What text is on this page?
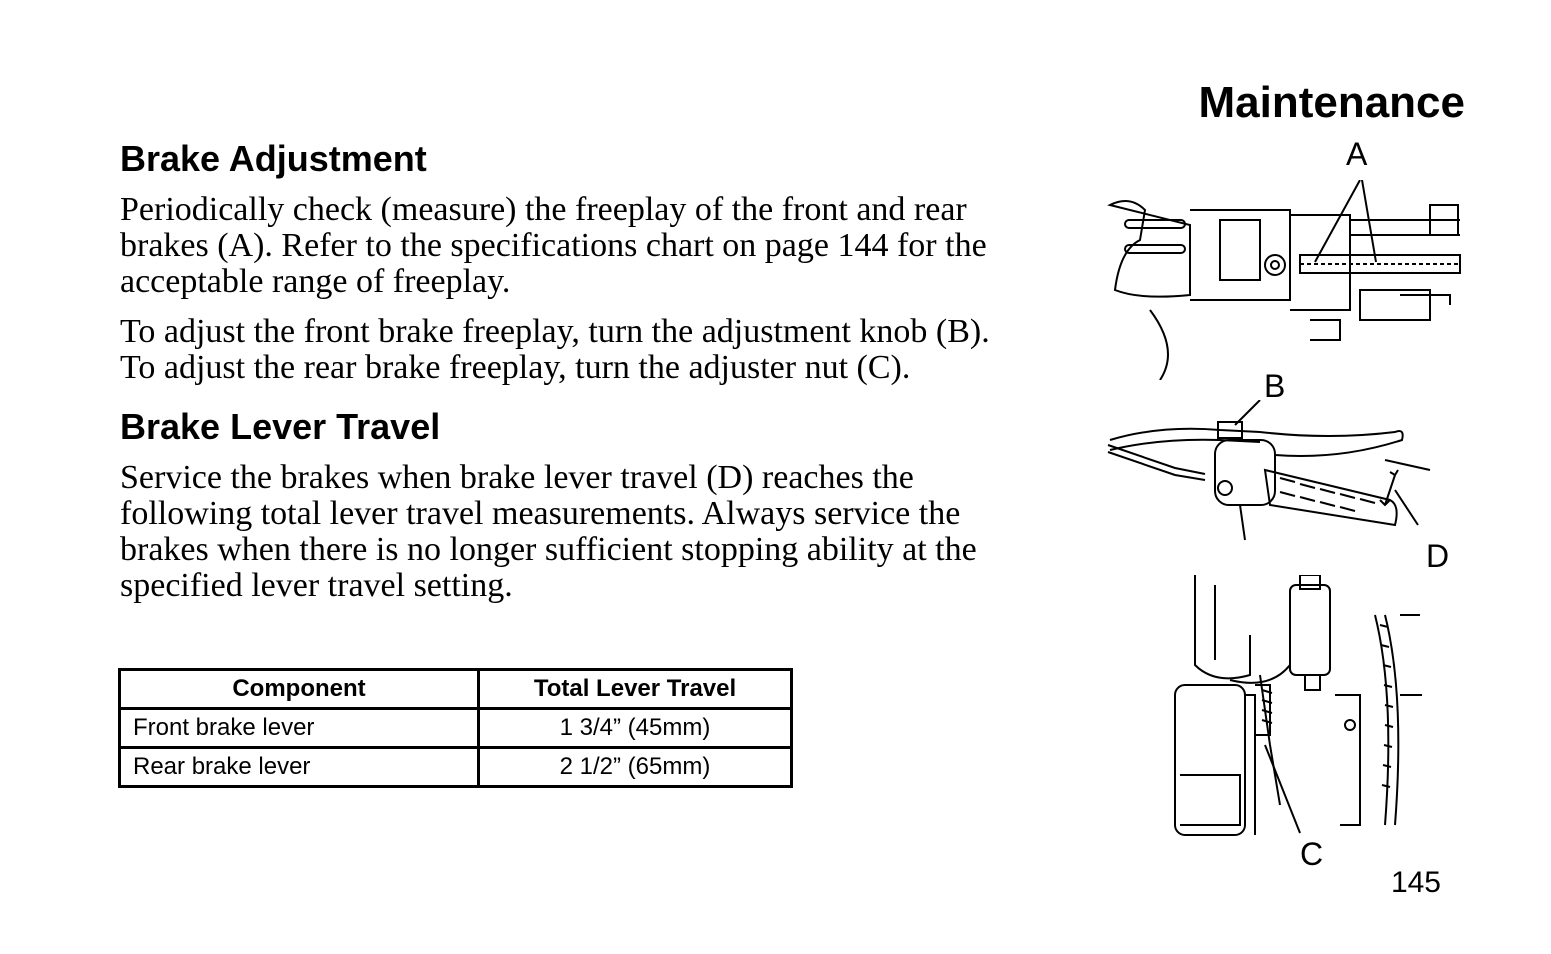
Maintenance
Brake Adjustment

Periodically check (measure) the freeplay of the front and rear brakes (A). Refer to the specifications chart on page 144 for the acceptable range of freeplay.

To adjust the front brake freeplay, turn the adjustment knob (B). To adjust the rear brake freeplay, turn the adjuster nut (C).

Brake Lever Travel

Service the brakes when brake lever travel (D) reaches the following total lever travel measurements. Always service the brakes when there is no longer sufficient stopping ability at the specified lever travel setting.

Component	Total Lever Travel
Front brake lever	1 3/4” (45mm)
Rear brake lever	2 1/2” (65mm)
A
B
D
C
145
